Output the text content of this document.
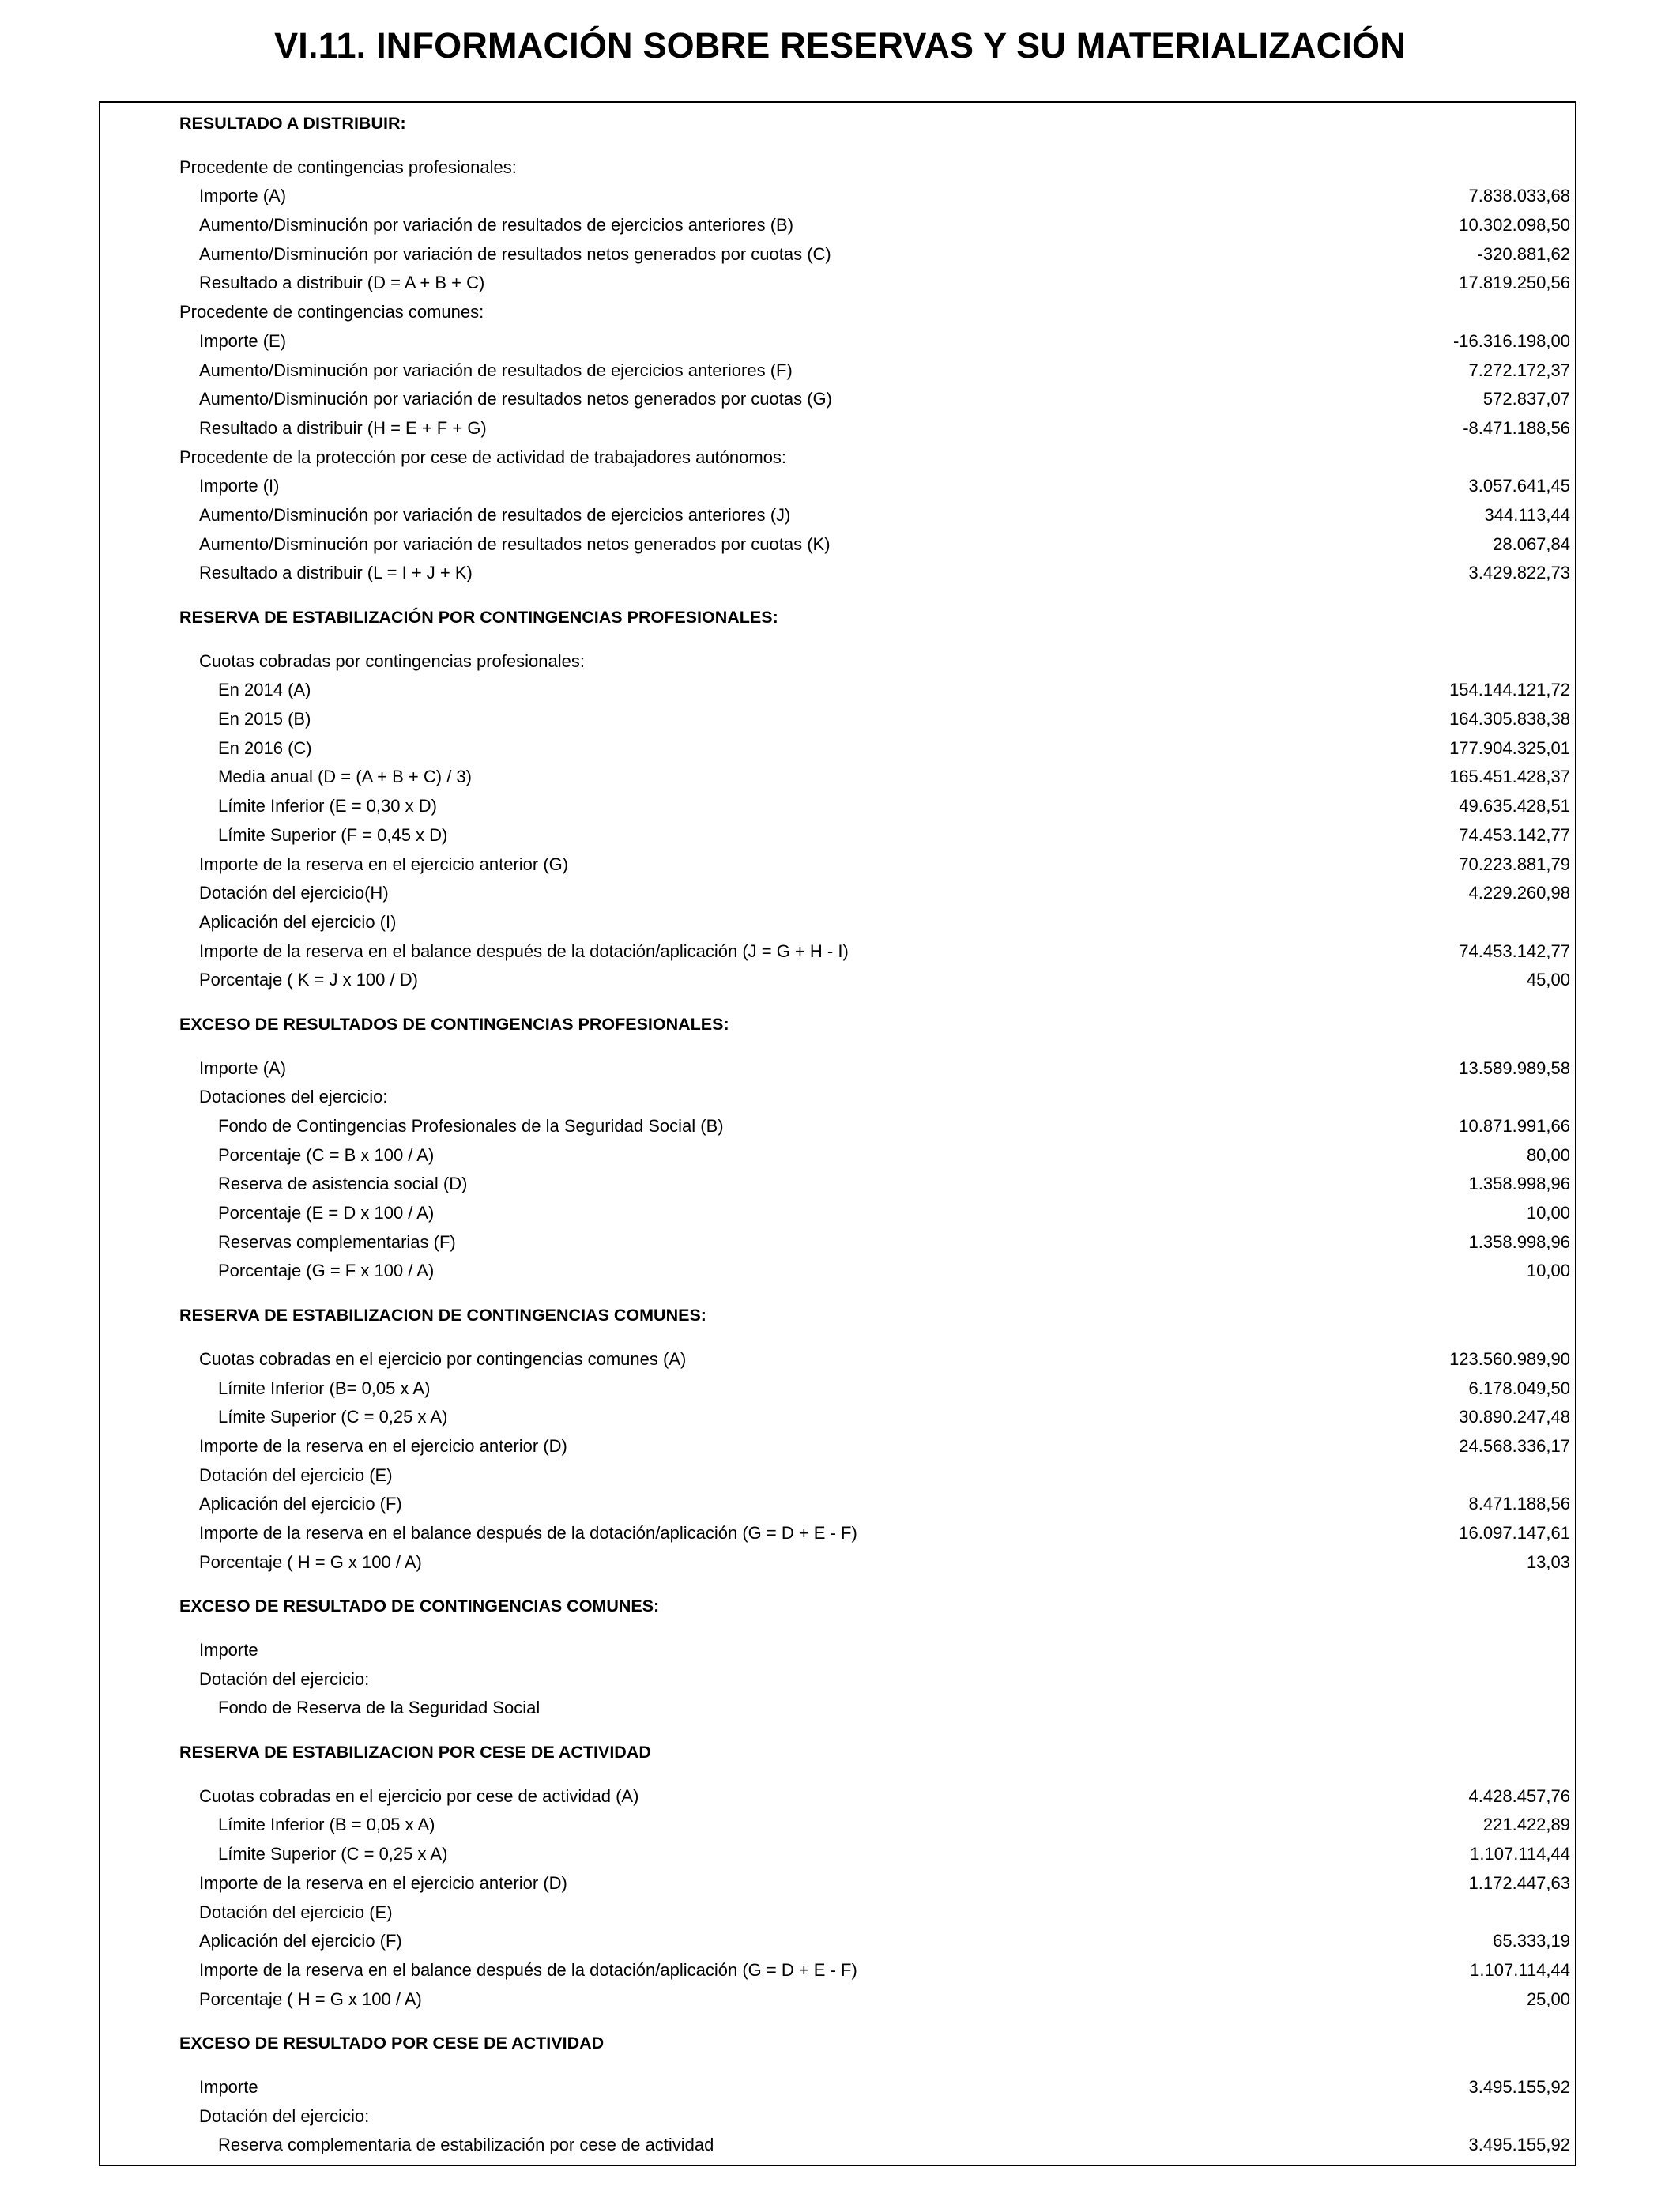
VI.11. INFORMACIÓN SOBRE RESERVAS Y SU MATERIALIZACIÓN
RESULTADO A DISTRIBUIR:
Procedente de contingencias profesionales:
Importe (A)	7.838.033,68
Aumento/Disminución por variación de resultados de ejercicios anteriores (B)	10.302.098,50
Aumento/Disminución por variación de resultados netos generados por cuotas (C)	-320.881,62
Resultado a distribuir (D = A + B + C)	17.819.250,56
Procedente de contingencias comunes:
Importe (E)	-16.316.198,00
Aumento/Disminución por variación de resultados de ejercicios anteriores (F)	7.272.172,37
Aumento/Disminución por variación de resultados netos generados por cuotas (G)	572.837,07
Resultado a distribuir (H = E + F + G)	-8.471.188,56
Procedente de la protección por cese de actividad de trabajadores autónomos:
Importe (I)	3.057.641,45
Aumento/Disminución por variación de resultados de ejercicios anteriores (J)	344.113,44
Aumento/Disminución por variación de resultados netos generados por cuotas (K)	28.067,84
Resultado a distribuir (L = I + J + K)	3.429.822,73
RESERVA DE ESTABILIZACIÓN POR CONTINGENCIAS PROFESIONALES:
Cuotas cobradas por contingencias profesionales:
En 2014 (A)	154.144.121,72
En 2015 (B)	164.305.838,38
En 2016 (C)	177.904.325,01
Media anual (D = (A + B + C) / 3)	165.451.428,37
Límite Inferior (E = 0,30 x D)	49.635.428,51
Límite Superior (F = 0,45 x D)	74.453.142,77
Importe de la reserva en el ejercicio anterior (G)	70.223.881,79
Dotación del ejercicio(H)	4.229.260,98
Aplicación del ejercicio (I)
Importe de la reserva en el balance después de la dotación/aplicación (J = G + H - I)	74.453.142,77
Porcentaje ( K = J x 100 / D)	45,00
EXCESO DE RESULTADOS DE CONTINGENCIAS PROFESIONALES:
Importe (A)	13.589.989,58
Dotaciones del ejercicio:
Fondo de Contingencias Profesionales de la Seguridad Social (B)	10.871.991,66
Porcentaje (C = B x 100 / A)	80,00
Reserva de asistencia social (D)	1.358.998,96
Porcentaje (E = D x 100 / A)	10,00
Reservas complementarias (F)	1.358.998,96
Porcentaje (G = F x 100 / A)	10,00
RESERVA DE ESTABILIZACION DE CONTINGENCIAS COMUNES:
Cuotas cobradas en el ejercicio por contingencias comunes (A)	123.560.989,90
Límite Inferior (B= 0,05 x A)	6.178.049,50
Límite Superior (C = 0,25 x A)	30.890.247,48
Importe de la reserva en el ejercicio anterior (D)	24.568.336,17
Dotación del ejercicio (E)
Aplicación del ejercicio (F)	8.471.188,56
Importe de la reserva en el balance después de la dotación/aplicación (G = D + E - F)	16.097.147,61
Porcentaje ( H = G x 100 / A)	13,03
EXCESO DE RESULTADO DE CONTINGENCIAS COMUNES:
Importe
Dotación del ejercicio:
Fondo de Reserva de la Seguridad Social
RESERVA DE ESTABILIZACION POR CESE DE ACTIVIDAD
Cuotas cobradas en el ejercicio por cese de actividad (A)	4.428.457,76
Límite Inferior (B = 0,05 x A)	221.422,89
Límite Superior (C = 0,25 x A)	1.107.114,44
Importe de la reserva en el ejercicio anterior (D)	1.172.447,63
Dotación del ejercicio (E)
Aplicación del ejercicio (F)	65.333,19
Importe de la reserva en el balance después de la dotación/aplicación (G = D + E - F)	1.107.114,44
Porcentaje ( H = G x 100 / A)	25,00
EXCESO DE RESULTADO POR CESE DE ACTIVIDAD
Importe	3.495.155,92
Dotación del ejercicio:
Reserva complementaria de estabilización por cese de actividad	3.495.155,92
